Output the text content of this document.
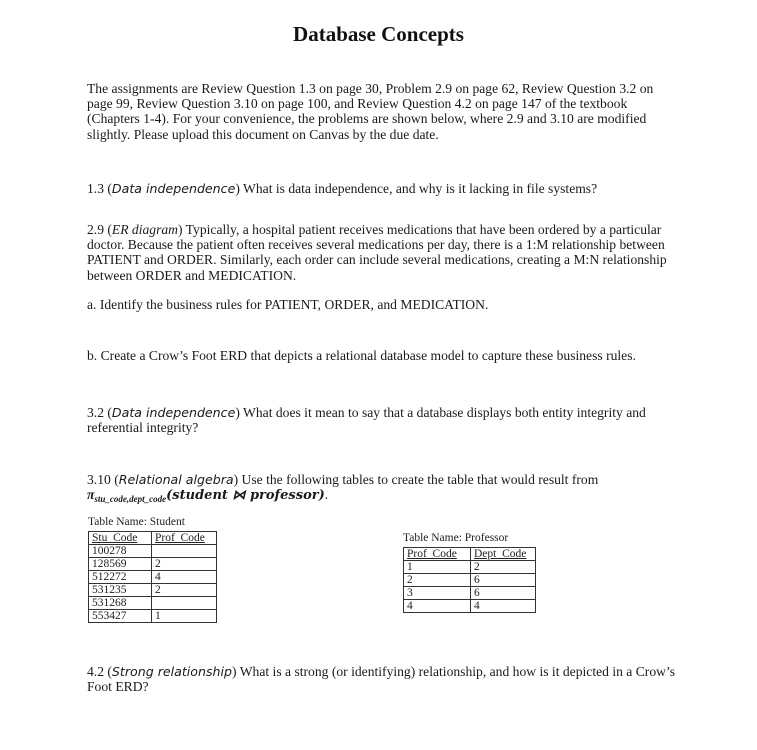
Database Concepts
The assignments are Review Question 1.3 on page 30, Problem 2.9 on page 62, Review Question 3.2 on page 99, Review Question 3.10 on page 100, and Review Question 4.2 on page 147 of the textbook (Chapters 1-4). For your convenience, the problems are shown below, where 2.9 and 3.10 are modified slightly. Please upload this document on Canvas by the due date.
1.3 (Data independence) What is data independence, and why is it lacking in file systems?
2.9 (ER diagram) Typically, a hospital patient receives medications that have been ordered by a particular doctor. Because the patient often receives several medications per day, there is a 1:M relationship between PATIENT and ORDER. Similarly, each order can include several medications, creating a M:N relationship between ORDER and MEDICATION.
a. Identify the business rules for PATIENT, ORDER, and MEDICATION.
b. Create a Crow’s Foot ERD that depicts a relational database model to capture these business rules.
3.2 (Data independence) What does it mean to say that a database displays both entity integrity and referential integrity?
3.10 (Relational algebra) Use the following tables to create the table that would result from
$\pi_{stu\_code,dept\_code}(student$ ⋈ professor).
Table Name: Student
Stu_Code	Prof_Code
100278	
128569	2
512272	4
531235	2
531268	
553427	1
Table Name: Professor
Prof_Code	Dept_Code
1	2
2	6
3	6
4	4
4.2 (Strong relationship) What is a strong (or identifying) relationship, and how is it depicted in a Crow’s Foot ERD?
